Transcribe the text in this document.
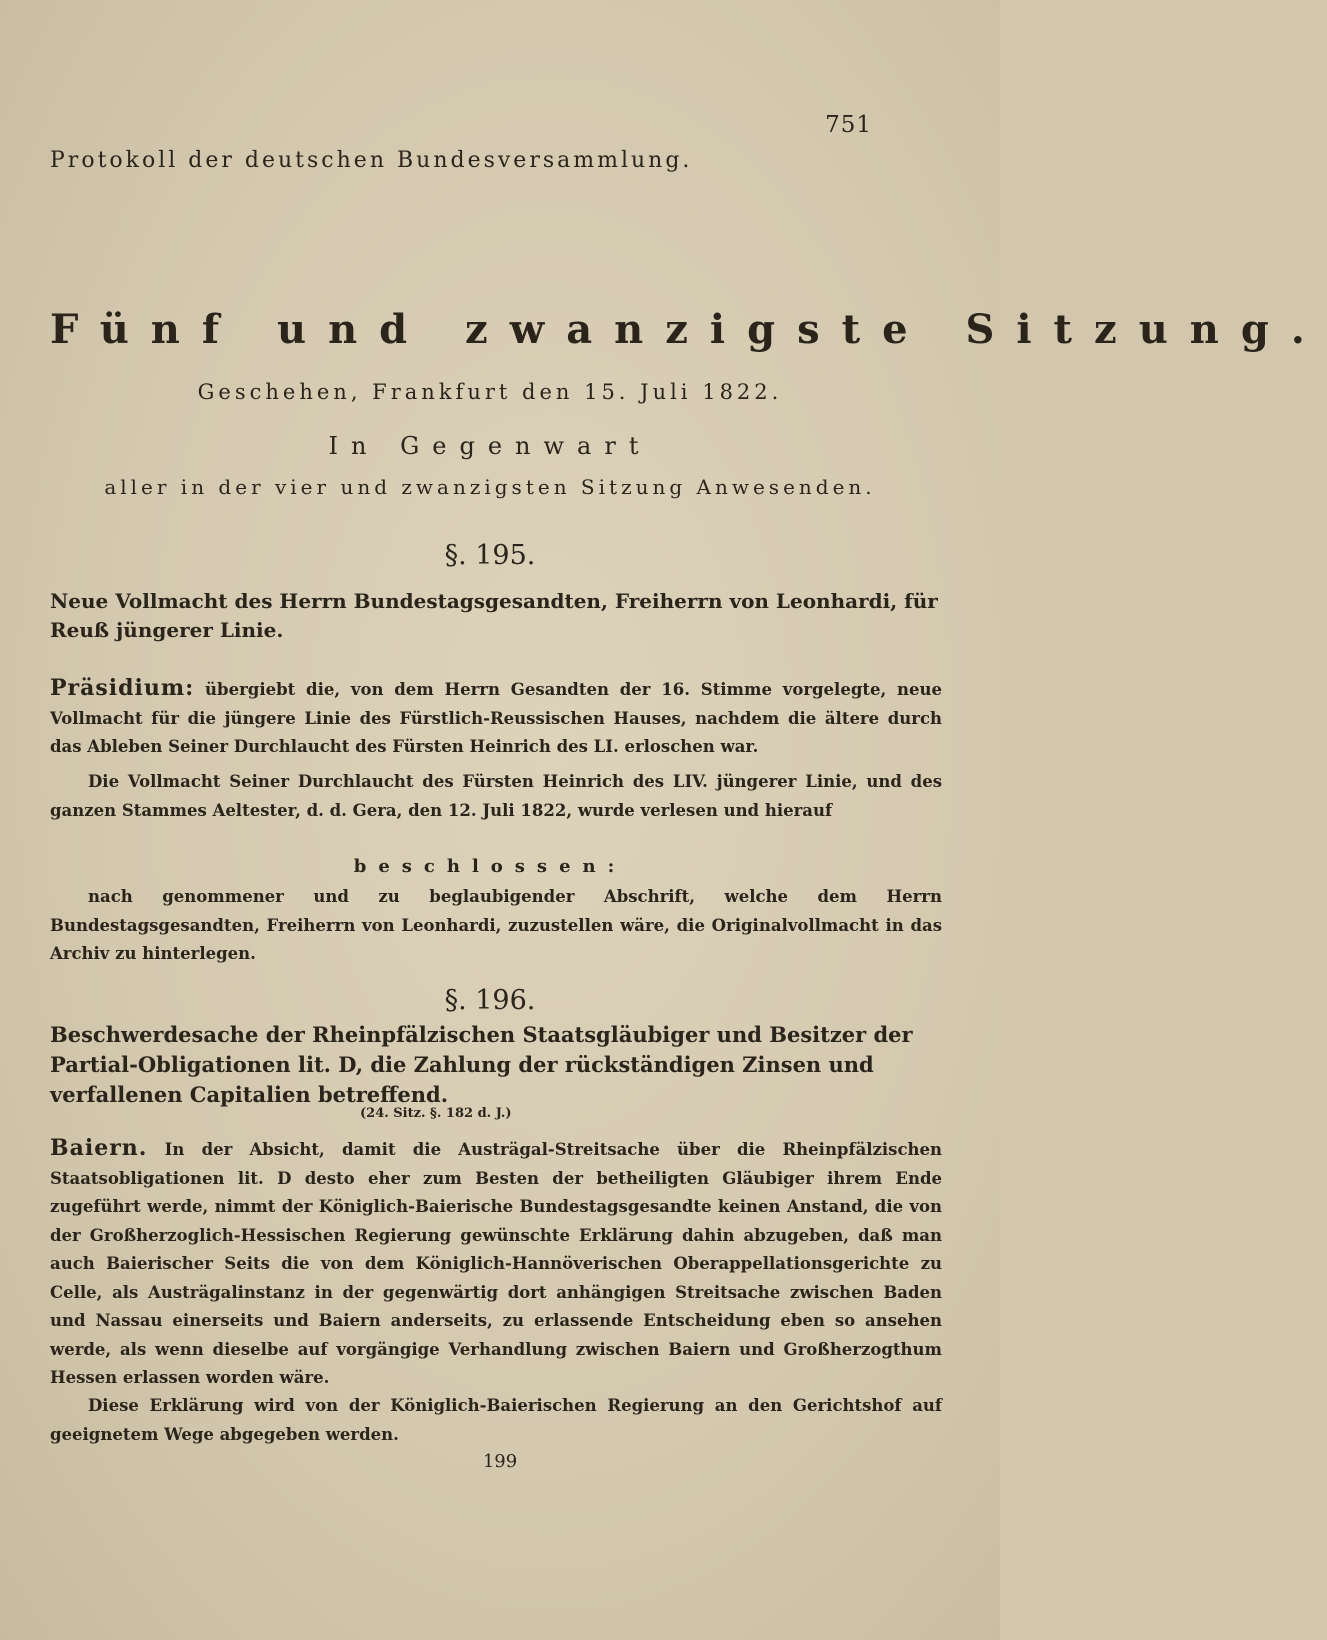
751
Protokoll der deutschen Bundesversammlung.
Fünf und zwanzigste Sitzung.
Geschehen, Frankfurt den 15. Juli 1822.
In Gegenwart
aller in der vier und zwanzigsten Sitzung Anwesenden.
§. 195.
Neue Vollmacht des Herrn Bundestagsgesandten, Freiherrn von Leonhardi, für Reuß jüngerer Linie.
Präsidium: übergiebt die, von dem Herrn Gesandten der 16. Stimme vorgelegte, neue Vollmacht für die jüngere Linie des Fürstlich-Reussischen Hauses, nachdem die ältere durch das Ableben Seiner Durchlaucht des Fürsten Heinrich des LI. erloschen war.
Die Vollmacht Seiner Durchlaucht des Fürsten Heinrich des LIV. jüngerer Linie, und des ganzen Stammes Aeltester, d. d. Gera, den 12. Juli 1822, wurde verlesen und hierauf
beschlossen:
nach genommener und zu beglaubigender Abschrift, welche dem Herrn Bundestagsgesandten, Freiherrn von Leonhardi, zuzustellen wäre, die Originalvollmacht in das Archiv zu hinterlegen.
§. 196.
Beschwerdesache der Rheinpfälzischen Staatsgläubiger und Besitzer der Partial-Obligationen lit. D, die Zahlung der rückständigen Zinsen und verfallenen Capitalien betreffend.
(24. Sitz. §. 182 d. J.)
Baiern. In der Absicht, damit die Austrägal-Streitsache über die Rheinpfälzischen Staatsobligationen lit. D desto eher zum Besten der betheiligten Gläubiger ihrem Ende zugeführt werde, nimmt der Königlich-Baierische Bundestagsgesandte keinen Anstand, die von der Großherzoglich-Hessischen Regierung gewünschte Erklärung dahin abzugeben, daß man auch Baierischer Seits die von dem Königlich-Hannöverischen Oberappellationsgerichte zu Celle, als Austrägalinstanz in der gegenwärtig dort anhängigen Streitsache zwischen Baden und Nassau einerseits und Baiern anderseits, zu erlassende Entscheidung eben so ansehen werde, als wenn dieselbe auf vorgängige Verhandlung zwischen Baiern und Großherzogthum Hessen erlassen worden wäre.
Diese Erklärung wird von der Königlich-Baierischen Regierung an den Gerichtshof auf geeignetem Wege abgegeben werden.
199
